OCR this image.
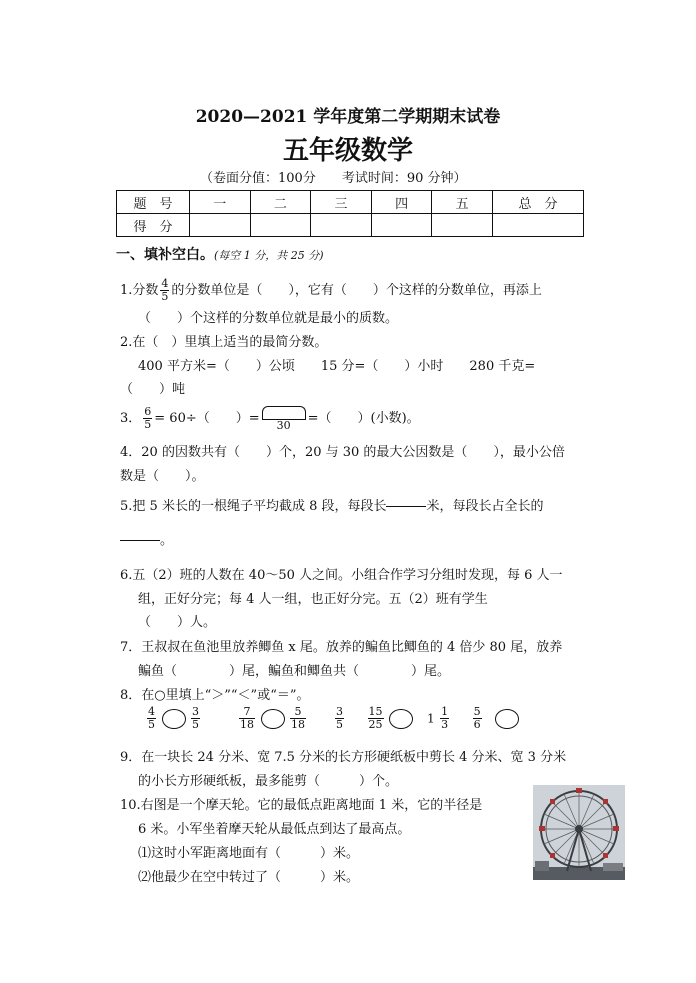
2020—2021 学年度第二学期期末试卷
五年级数学
（卷面分值：100分　　考试时间：90 分钟）
题　号	一	二	三	四	五	总　分
得　分						
一、填补空白。(每空 1 分，共 25 分)
1.分数 $\frac{4}{5}$ 的分数单位是（　　），它有（　　）个这样的分数单位，再添上
（　　）个这样的分数单位就是最小的质数。
2.在（　）里填上适当的最简分数。
400 平方米=（　　）公顷　　15 分=（　　）小时　　280 千克=
（　　）吨
3． $\frac{6}{5} = 60\div$（　　）=	30	=（　　）(小数)。
4．20 的因数共有（　　）个，20 与 30 的最大公因数是（　　），最小公倍
数是（　　）。
5.把 5 米长的一根绳子平均截成 8 段，每段长	米，每段长占全长的
。
6.五（2）班的人数在 40～50 人之间。小组合作学习分组时发现，每 6 人一
组，正好分完；每 4 人一组，也正好分完。五（2）班有学生
（　　）人。
7．王叔叔在鱼池里放养鲫鱼 x 尾。放养的鳊鱼比鲫鱼的 4 倍少 80 尾，放养
鳊鱼（　　　　）尾，鳊鱼和鲫鱼共（　　　　）尾。
8．在○里填上“＞”“＜”或“＝”。
$\frac{4}{5}$
	$\frac{3}{5}$	$\frac{7}{18}$
	$\frac{5}{18}$	$\frac{3}{5}$
$\frac{15}{25}$
	$1 \frac{1}{3}$
$\frac{5}{6}$

9．在一块长 24 分米、宽 7.5 分米的长方形硬纸板中剪长 4 分米、宽 3 分米
的小长方形硬纸板，最多能剪（　　　）个。
10.右图是一个摩天轮。它的最低点距离地面 1 米，它的半径是
6 米。小军坐着摩天轮从最低点到达了最高点。
⑴这时小军距离地面有（　　　）米。
⑵他最少在空中转过了（　　　）米。
